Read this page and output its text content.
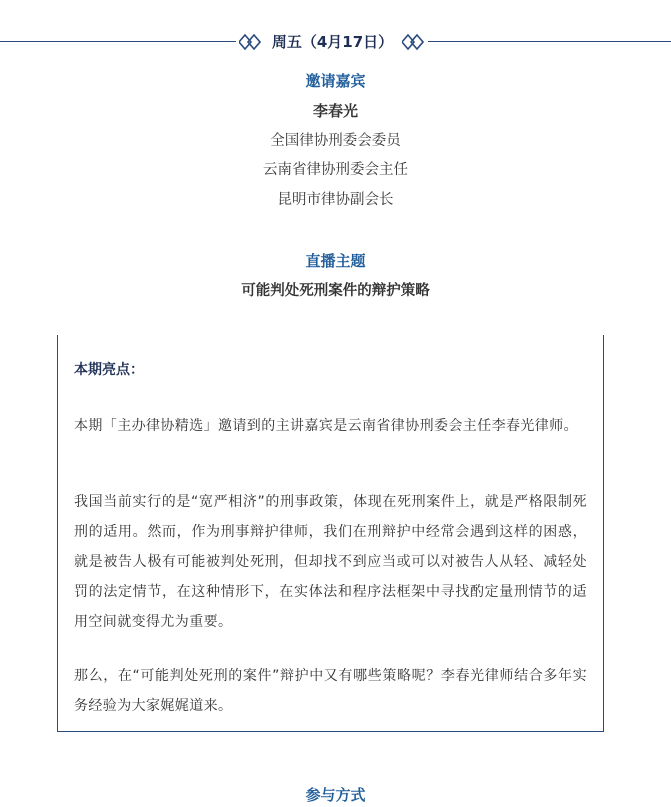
周五（4月17日）
邀请嘉宾
李春光
全国律协刑委会委员
云南省律协刑委会主任
昆明市律协副会长
直播主题
可能判处死刑案件的辩护策略
本期亮点：
本期「主办律协精选」邀请到的主讲嘉宾是云南省律协刑委会主任李春光律师。
我国当前实行的是“宽严相济”的刑事政策，体现在死刑案件上，就是严格限制死刑的适用。然而，作为刑事辩护律师，我们在刑辩护中经常会遇到这样的困惑，就是被告人极有可能被判处死刑，但却找不到应当或可以对被告人从轻、减轻处罚的法定情节，在这种情形下，在实体法和程序法框架中寻找酌定量刑情节的适用空间就变得尤为重要。
那么，在“可能判处死刑的案件”辩护中又有哪些策略呢？李春光律师结合多年实务经验为大家娓娓道来。
参与方式
